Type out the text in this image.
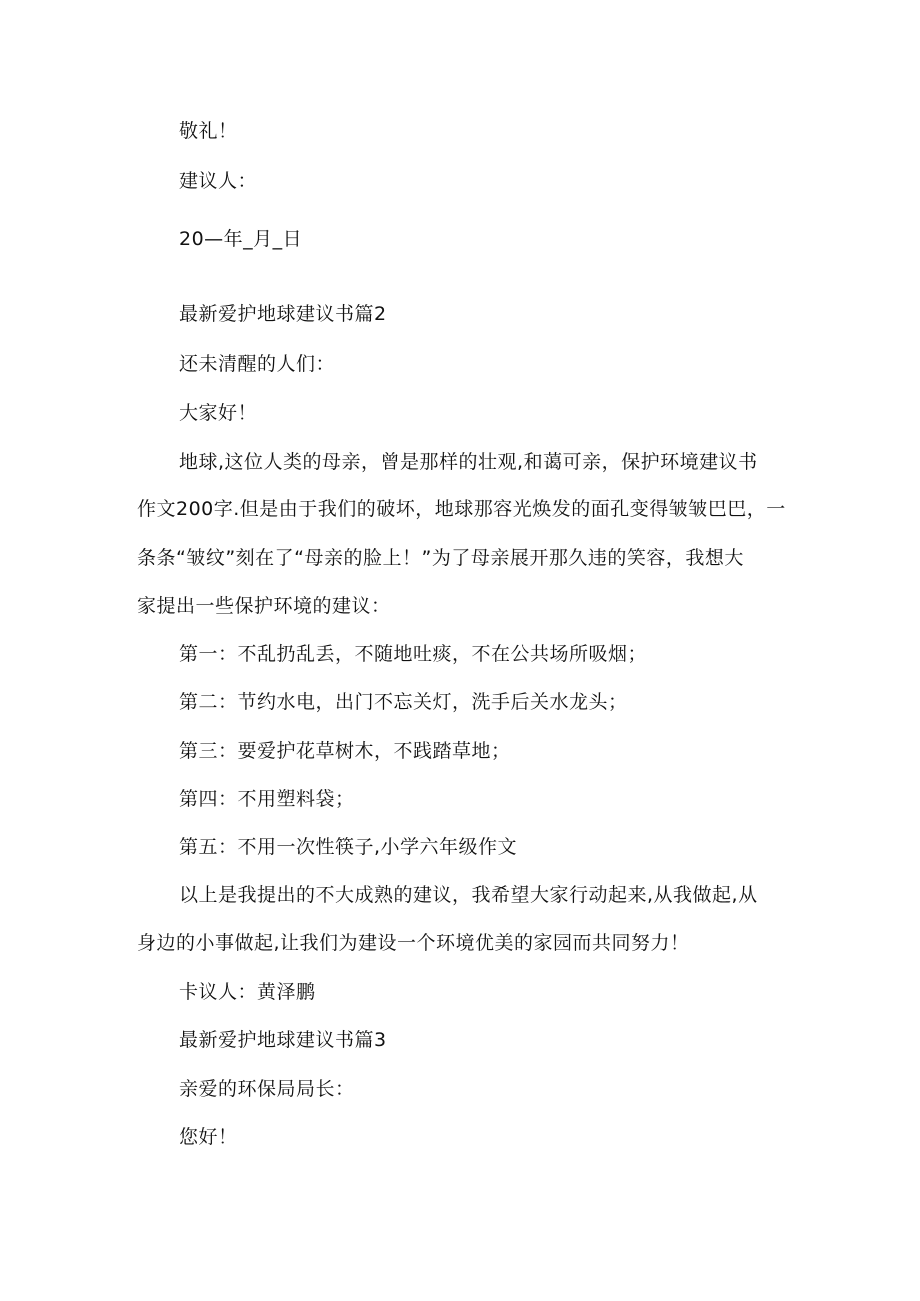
敬礼！
建议人：
20—年_月_日
最新爱护地球建议书篇2
还未清醒的人们：
大家好！
地球,这位人类的母亲，曾是那样的壮观,和蔼可亲，保护环境建议书
作文200字.但是由于我们的破坏，地球那容光焕发的面孔变得皱皱巴巴，一
条条“皱纹”刻在了“母亲的脸上！”为了母亲展开那久违的笑容，我想大
家提出一些保护环境的建议：
第一：不乱扔乱丢，不随地吐痰，不在公共场所吸烟；
第二：节约水电，出门不忘关灯，洗手后关水龙头；
第三：要爱护花草树木，不践踏草地；
第四：不用塑料袋；
第五：不用一次性筷子,小学六年级作文
以上是我提出的不大成熟的建议，我希望大家行动起来,从我做起,从
身边的小事做起,让我们为建设一个环境优美的家园而共同努力！
卡议人：黄泽鹏
最新爱护地球建议书篇3
亲爱的环保局局长：
您好！
